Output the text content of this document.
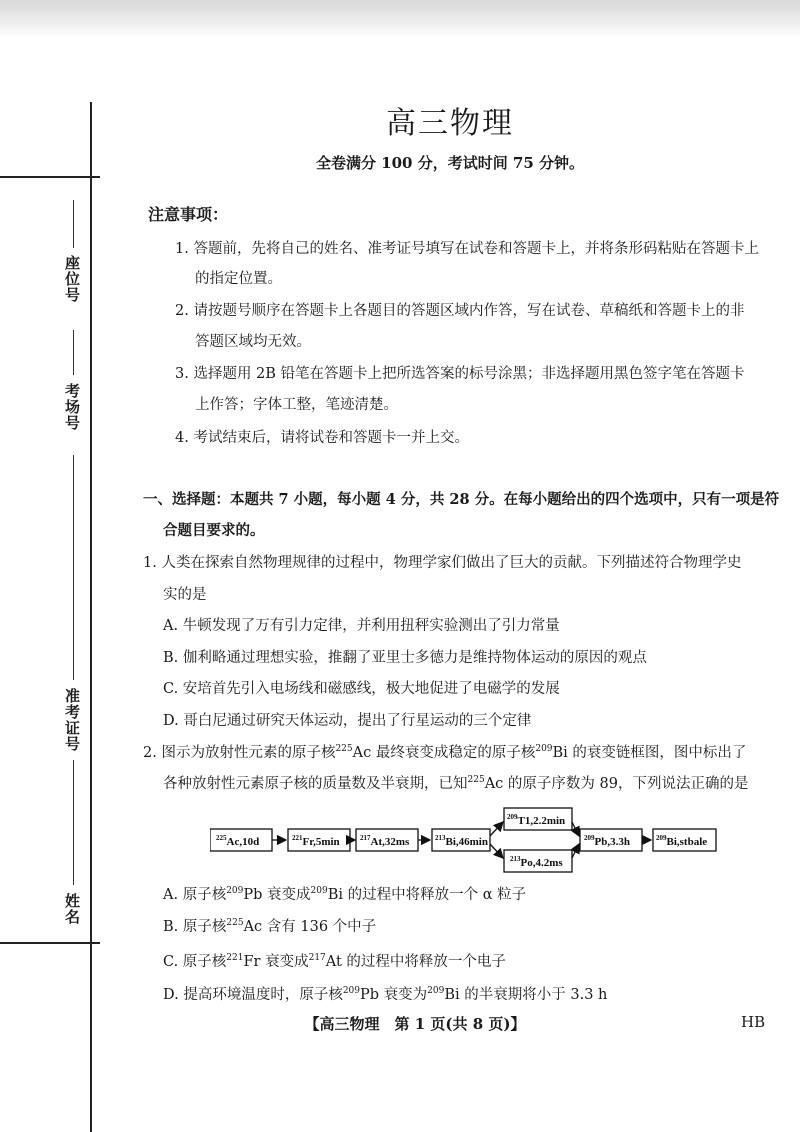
座位号
考场号
准考证号
姓名
高三物理
全卷满分 100 分，考试时间 75 分钟。
注意事项：
1. 答题前，先将自己的姓名、准考证号填写在试卷和答题卡上，并将条形码粘贴在答题卡上
的指定位置。
2. 请按题号顺序在答题卡上各题目的答题区域内作答，写在试卷、草稿纸和答题卡上的非
答题区域均无效。
3. 选择题用 2B 铅笔在答题卡上把所选答案的标号涂黑；非选择题用黑色签字笔在答题卡
上作答；字体工整，笔迹清楚。
4. 考试结束后，请将试卷和答题卡一并上交。
一、选择题：本题共 7 小题，每小题 4 分，共 28 分。在每小题给出的四个选项中，只有一项是符
合题目要求的。
1. 人类在探索自然物理规律的过程中，物理学家们做出了巨大的贡献。下列描述符合物理学史
实的是
A. 牛顿发现了万有引力定律，并利用扭秤实验测出了引力常量
B. 伽利略通过理想实验，推翻了亚里士多德力是维持物体运动的原因的观点
C. 安培首先引入电场线和磁感线，极大地促进了电磁学的发展
D. 哥白尼通过研究天体运动，提出了行星运动的三个定律
2. 图示为放射性元素的原子核$^{225}$Ac 最终衰变成稳定的原子核$^{209}$Bi 的衰变链框图，图中标出了
各种放射性元素原子核的质量数及半衰期，已知$^{225}$Ac 的原子序数为 89，下列说法正确的是
$^{225}$Ac,10d	$^{221}$Fr,5min	$^{217}$At,32ms	$^{213}$Bi,46min
$^{209}$T1,2.2min
$^{213}$Po,4.2ms
$^{209}$Pb,3.3h	$^{209}$Bi,stbale
A. 原子核$^{209}$Pb 衰变成$^{209}$Bi 的过程中将释放一个 α 粒子
B. 原子核$^{225}$Ac 含有 136 个中子
C. 原子核$^{221}$Fr 衰变成$^{217}$At 的过程中将释放一个电子
D. 提高环境温度时，原子核$^{209}$Pb 衰变为$^{209}$Bi 的半衰期将小于 3.3 h
【高三物理　第 1 页(共 8 页)】	HB
